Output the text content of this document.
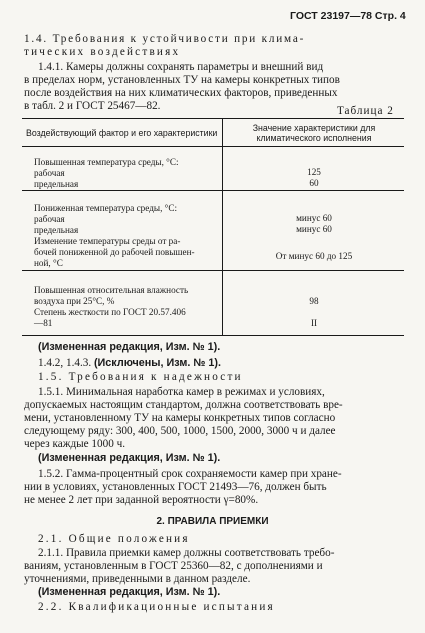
ГОСТ 23197—78 Стр. 4
1.4. Требования к устойчивости при клима-
тических воздействиях
1.4.1. Камеры должны сохранять параметры и внешний вид
в пределах норм, установленных ТУ на камеры конкретных типов
после воздействия на них климатических факторов, приведенных
в табл. 2 и ГОСТ 25467—82.	Таблица 2
Воздействующий фактор и его характеристики	Значение характеристики для
климатического исполнения
Повышенная температура среды, °С:
рабочая
предельная
125
60
Пониженная температура среды, °С:
рабочая
предельная
Изменение температуры среды от ра-
бочей пониженной до рабочей повышен-
ной, °С
минус 60
минус 60
От минус 60 до 125
Повышенная относительная влажность
воздуха при 25°С, %
Степень жесткости по ГОСТ 20.57.406
—81
98
II
(Измененная редакция, Изм. № 1).
1.4.2, 1.4.3. (Исключены, Изм. № 1).
1.5. Требования к надежности
1.5.1. Минимальная наработка камер в режимах и условиях,
допускаемых настоящим стандартом, должна соответствовать вре-
мени, установленному ТУ на камеры конкретных типов согласно
следующему ряду: 300, 400, 500, 1000, 1500, 2000, 3000 ч и далее
через каждые 1000 ч.
(Измененная редакция, Изм. № 1).
1.5.2. Гамма-процентный срок сохраняемости камер при хране-
нии в условиях, установленных ГОСТ 21493—76, должен быть
не менее 2 лет при заданной вероятности γ=80%.
2. ПРАВИЛА ПРИЕМКИ
2.1. Общие положения
2.1.1. Правила приемки камер должны соответствовать требо-
ваниям, установленным в ГОСТ 25360—82, с дополнениями и
уточнениями, приведенными в данном разделе.
(Измененная редакция, Изм. № 1).
2.2. Квалификационные испытания
